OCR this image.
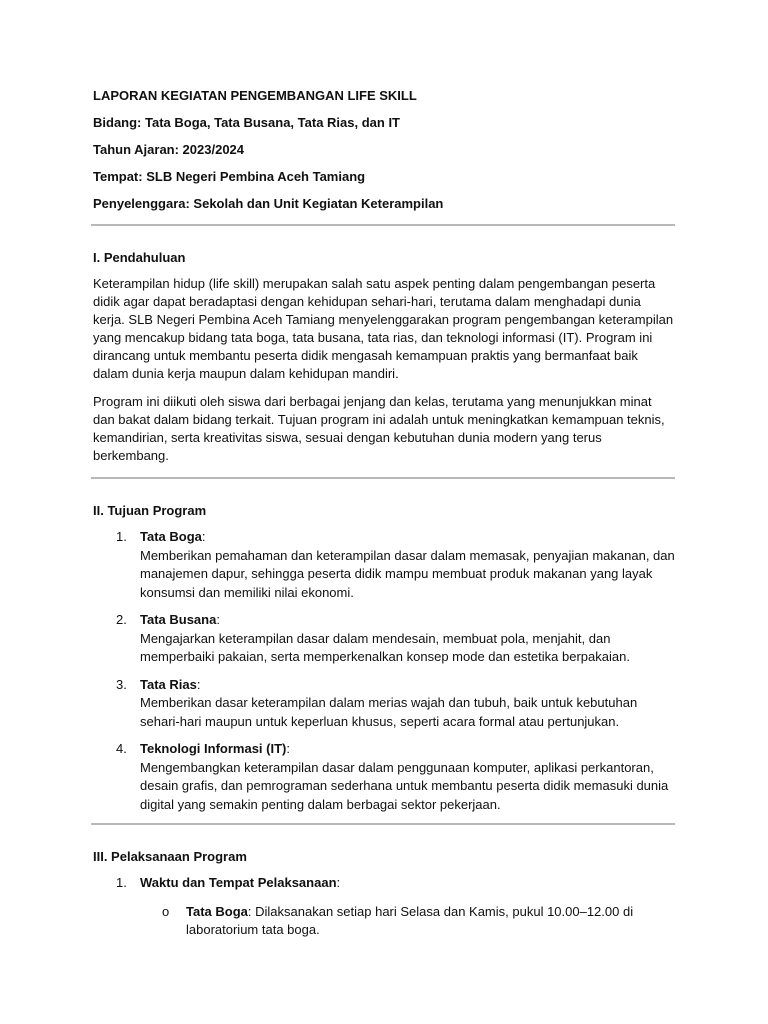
LAPORAN KEGIATAN PENGEMBANGAN LIFE SKILL

Bidang: Tata Boga, Tata Busana, Tata Rias, dan IT

Tahun Ajaran: 2023/2024

Tempat: SLB Negeri Pembina Aceh Tamiang

Penyelenggara: Sekolah dan Unit Kegiatan Keterampilan

I. Pendahuluan

Keterampilan hidup (life skill) merupakan salah satu aspek penting dalam pengembangan peserta didik agar dapat beradaptasi dengan kehidupan sehari-hari, terutama dalam menghadapi dunia kerja. SLB Negeri Pembina Aceh Tamiang menyelenggarakan program pengembangan keterampilan yang mencakup bidang tata boga, tata busana, tata rias, dan teknologi informasi (IT). Program ini dirancang untuk membantu peserta didik mengasah kemampuan praktis yang bermanfaat baik dalam dunia kerja maupun dalam kehidupan mandiri.

Program ini diikuti oleh siswa dari berbagai jenjang dan kelas, terutama yang menunjukkan minat dan bakat dalam bidang terkait. Tujuan program ini adalah untuk meningkatkan kemampuan teknis, kemandirian, serta kreativitas siswa, sesuai dengan kebutuhan dunia modern yang terus berkembang.

II. Tujuan Program
1. Tata Boga:
Memberikan pemahaman dan keterampilan dasar dalam memasak, penyajian makanan, dan manajemen dapur, sehingga peserta didik mampu membuat produk makanan yang layak konsumsi dan memiliki nilai ekonomi.
2. Tata Busana:
Mengajarkan keterampilan dasar dalam mendesain, membuat pola, menjahit, dan memperbaiki pakaian, serta memperkenalkan konsep mode dan estetika berpakaian.
3. Tata Rias:
Memberikan dasar keterampilan dalam merias wajah dan tubuh, baik untuk kebutuhan sehari-hari maupun untuk keperluan khusus, seperti acara formal atau pertunjukan.
4. Teknologi Informasi (IT):
Mengembangkan keterampilan dasar dalam penggunaan komputer, aplikasi perkantoran, desain grafis, dan pemrograman sederhana untuk membantu peserta didik memasuki dunia digital yang semakin penting dalam berbagai sektor pekerjaan.
III. Pelaksanaan Program
1. Waktu dan Tempat Pelaksanaan:
o Tata Boga: Dilaksanakan setiap hari Selasa dan Kamis, pukul 10.00–12.00 di laboratorium tata boga.
